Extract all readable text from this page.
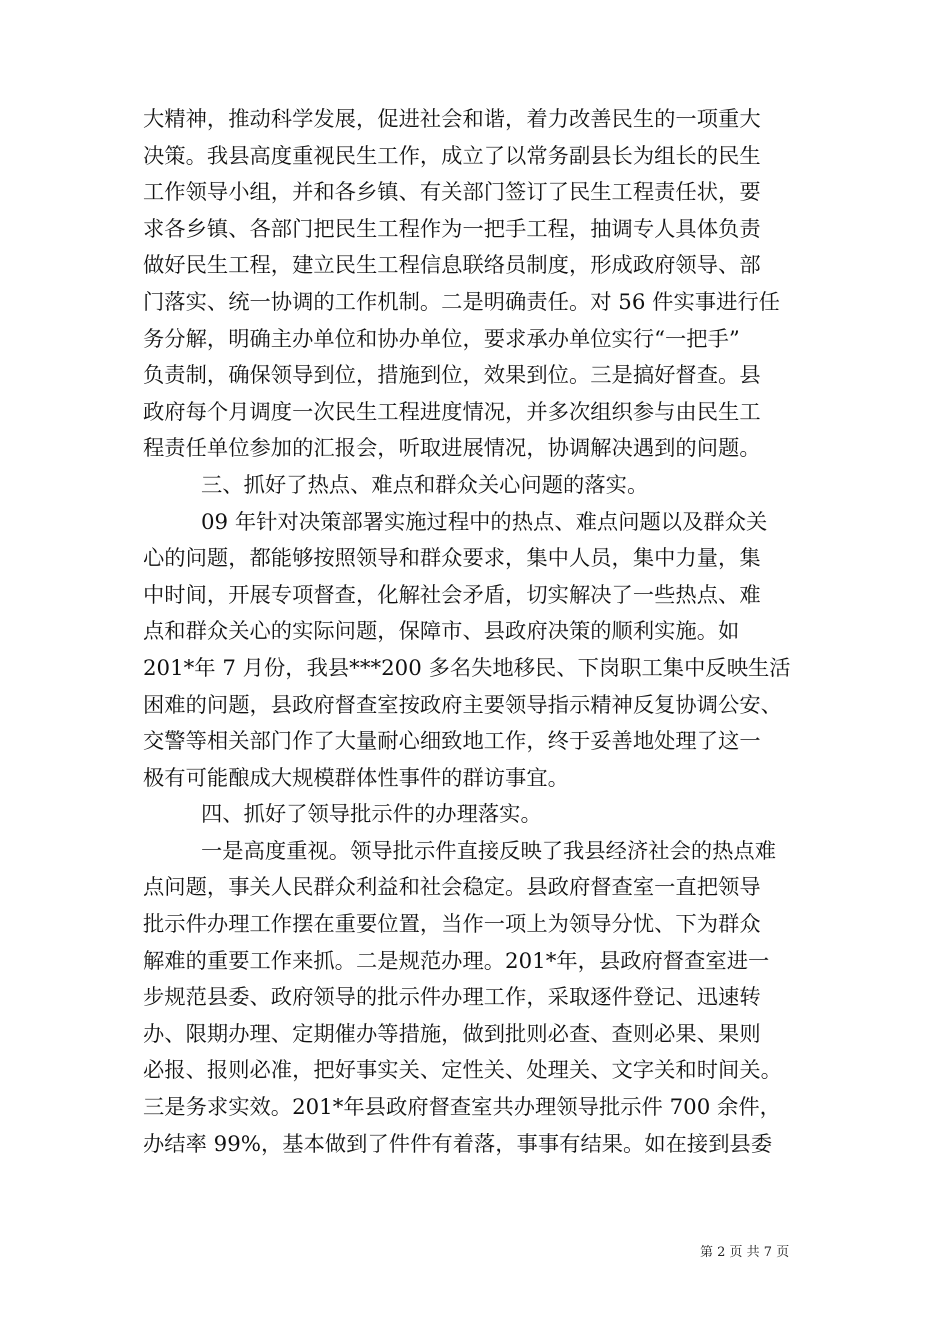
大精神，推动科学发展，促进社会和谐，着力改善民生的一项重大
决策。我县高度重视民生工作，成立了以常务副县长为组长的民生
工作领导小组，并和各乡镇、有关部门签订了民生工程责任状，要
求各乡镇、各部门把民生工程作为一把手工程，抽调专人具体负责
做好民生工程，建立民生工程信息联络员制度，形成政府领导、部
门落实、统一协调的工作机制。二是明确责任。对 56 件实事进行任
务分解，明确主办单位和协办单位，要求承办单位实行“一把手”
负责制，确保领导到位，措施到位，效果到位。三是搞好督查。县
政府每个月调度一次民生工程进度情况，并多次组织参与由民生工
程责任单位参加的汇报会，听取进展情况，协调解决遇到的问题。
三、抓好了热点、难点和群众关心问题的落实。
09 年针对决策部署实施过程中的热点、难点问题以及群众关
心的问题，都能够按照领导和群众要求，集中人员，集中力量，集
中时间，开展专项督查，化解社会矛盾，切实解决了一些热点、难
点和群众关心的实际问题，保障市、县政府决策的顺利实施。如
201*年 7 月份，我县***200 多名失地移民、下岗职工集中反映生活
困难的问题，县政府督查室按政府主要领导指示精神反复协调公安、
交警等相关部门作了大量耐心细致地工作，终于妥善地处理了这一
极有可能酿成大规模群体性事件的群访事宜。
四、抓好了领导批示件的办理落实。
一是高度重视。领导批示件直接反映了我县经济社会的热点难
点问题，事关人民群众利益和社会稳定。县政府督查室一直把领导
批示件办理工作摆在重要位置，当作一项上为领导分忧、下为群众
解难的重要工作来抓。二是规范办理。201*年，县政府督查室进一
步规范县委、政府领导的批示件办理工作，采取逐件登记、迅速转
办、限期办理、定期催办等措施，做到批则必查、查则必果、果则
必报、报则必准，把好事实关、定性关、处理关、文字关和时间关。
三是务求实效。201*年县政府督查室共办理领导批示件 700 余件，
办结率 99%，基本做到了件件有着落，事事有结果。如在接到县委
第 2 页 共 7 页
